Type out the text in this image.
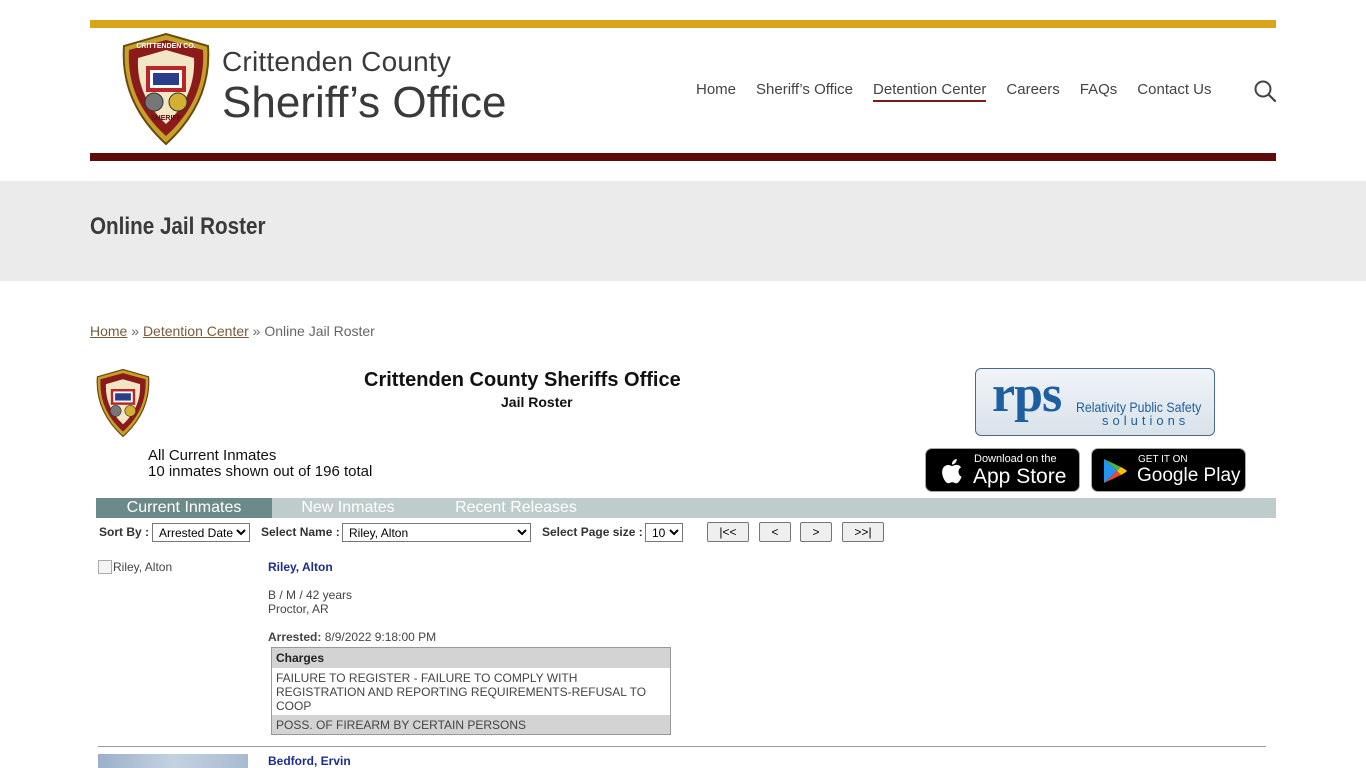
CRITTENDEN CO.
SHERIFF
Crittenden County
Sheriff’s Office	Home Sheriff’s Office Detention Center Careers FAQs Contact Us
Online Jail Roster
Home » Detention Center » Online Jail Roster
Crittenden County Sheriffs Office
Jail Roster	rps Relativity Public Safety
solutions
All Current Inmates
10 inmates shown out of 196 total
Download on the
App Store
GET IT ON
Google Play
Current Inmates	New Inmates	Recent Releases
Sort By :
Arrested Date	Select Name :
Riley, Alton	Select Page size :
10	|<<	<	>	>>|
Riley, Alton	Riley, Alton
B / M / 42 years
Proctor, AR
Arrested: 8/9/2022 9:18:00 PM
Charges
FAILURE TO REGISTER - FAILURE TO COMPLY WITH REGISTRATION AND REPORTING REQUIREMENTS-REFUSAL TO COOP
POSS. OF FIREARM BY CERTAIN PERSONS
Bedford, Ervin
